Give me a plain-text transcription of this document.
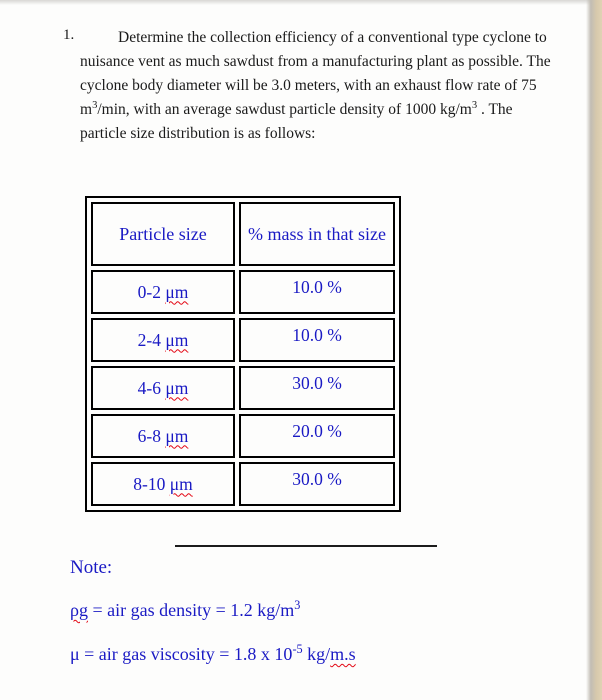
1.	Determine the collection efficiency of a conventional type cyclone to nuisance vent as much sawdust from a manufacturing plant as possible. The cyclone body diameter will be 3.0 meters, with an exhaust flow rate of 75 $m^3/\min$, with an average sawdust particle density of 1000 $kg/m^3$ . The particle size distribution is as follows:

Particle size	% mass in that size
0-2 μm	10.0 %
2-4 μm	10.0 %
4-6 μm	30.0 %
6-8 μm	20.0 %
8-10 μm	30.0 %
Note:
ρg = air gas density = 1.2 $kg/m^3$
μ = air gas viscosity = 1.8 x $10^{-5}$ kg/m.s
